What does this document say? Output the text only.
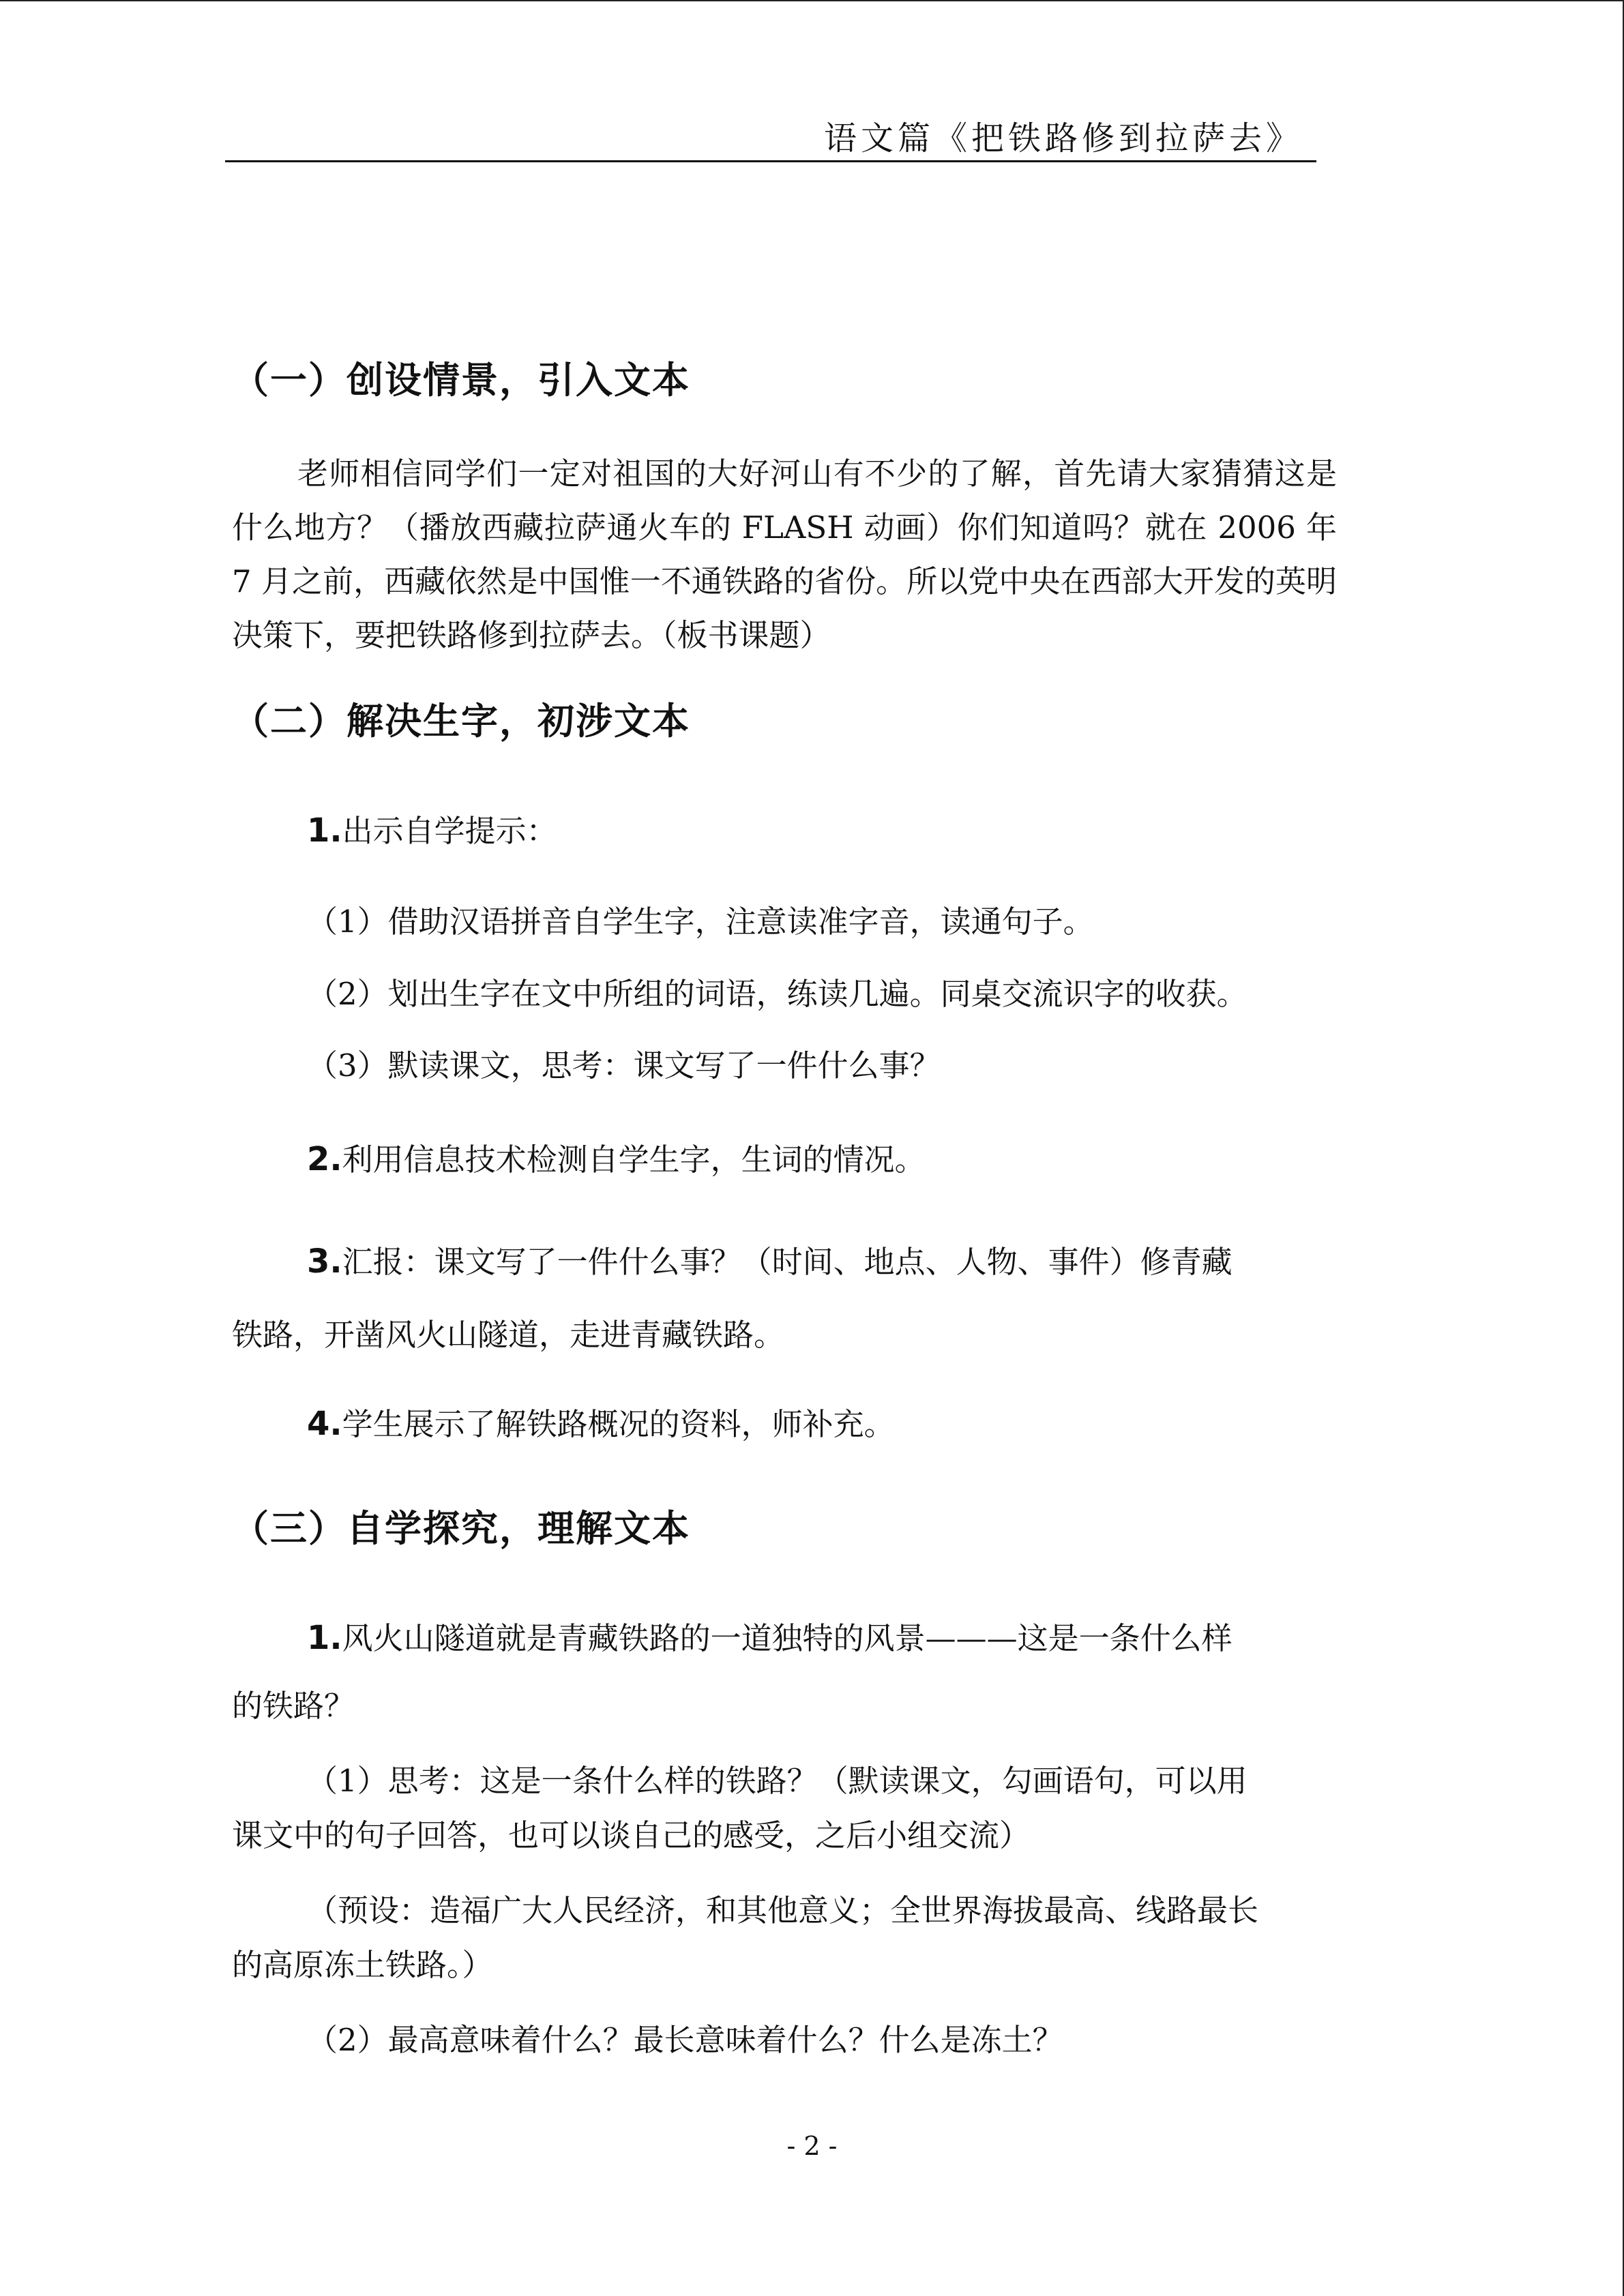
语文篇《把铁路修到拉萨去》
（一）创设情景，引入文本
老师相信同学们一定对祖国的大好河山有不少的了解，首先请大家猜猜这是什么地方？（播放西藏拉萨通火车的 FLASH 动画）你们知道吗？就在 2006 年 7 月之前，西藏依然是中国惟一不通铁路的省份。所以党中央在西部大开发的英明决策下，要把铁路修到拉萨去。（板书课题）
（二）解决生字，初涉文本
1.出示自学提示：
（1）借助汉语拼音自学生字，注意读准字音，读通句子。
（2）划出生字在文中所组的词语，练读几遍。同桌交流识字的收获。
（3）默读课文，思考：课文写了一件什么事？
2.利用信息技术检测自学生字，生词的情况。
3.汇报：课文写了一件什么事？（时间、地点、人物、事件）修青藏
铁路，开凿风火山隧道，走进青藏铁路。
4.学生展示了解铁路概况的资料，师补充。
（三）自学探究，理解文本
1.风火山隧道就是青藏铁路的一道独特的风景———这是一条什么样
的铁路？
（1）思考：这是一条什么样的铁路？（默读课文，勾画语句，可以用
课文中的句子回答，也可以谈自己的感受，之后小组交流）
（预设：造福广大人民经济，和其他意义；全世界海拔最高、线路最长
的高原冻土铁路。）
（2）最高意味着什么？最长意味着什么？什么是冻土？
- 2 -
